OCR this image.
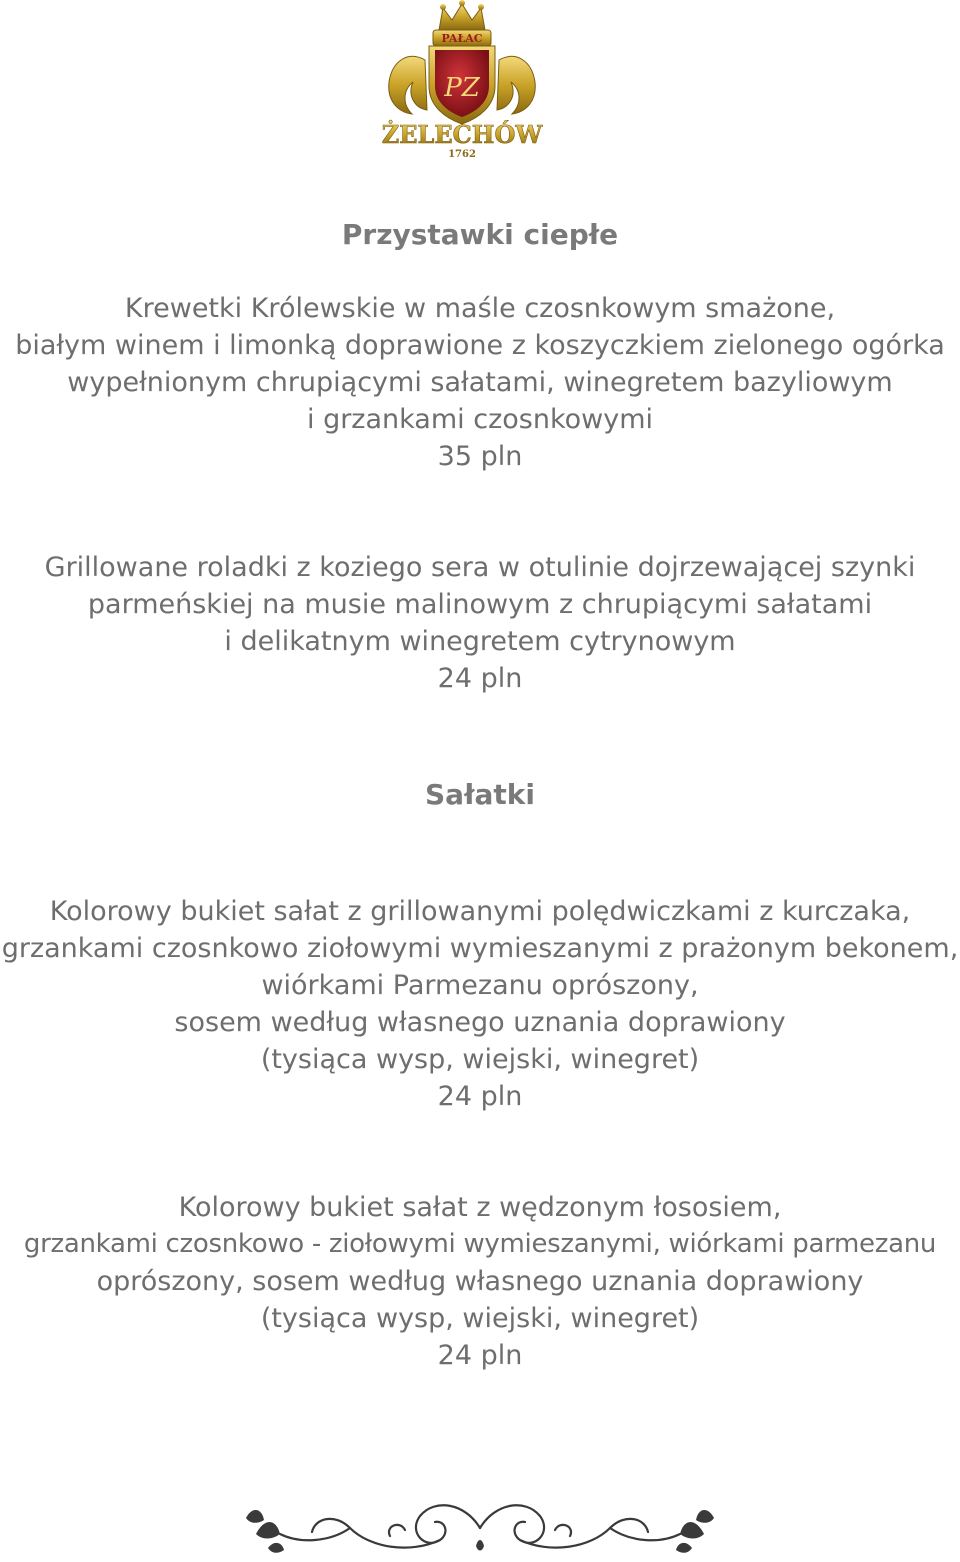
PAŁAC
PZ
ŻELECHÓW
1762
Przystawki ciepłe
Krewetki Królewskie w maśle czosnkowym smażone,
białym winem i limonką doprawione z koszyczkiem zielonego ogórka
wypełnionym chrupiącymi sałatami, winegretem bazyliowym
i grzankami czosnkowymi
35 pln
Grillowane roladki z koziego sera w otulinie dojrzewającej szynki
parmeńskiej na musie malinowym z chrupiącymi sałatami
i delikatnym winegretem cytrynowym
24 pln
Sałatki
Kolorowy bukiet sałat z grillowanymi polędwiczkami z kurczaka,
grzankami czosnkowo ziołowymi wymieszanymi z prażonym bekonem,
wiórkami Parmezanu oprószony,
sosem według własnego uznania doprawiony
(tysiąca wysp, wiejski, winegret)
24 pln
Kolorowy bukiet sałat z wędzonym łososiem,
grzankami czosnkowo - ziołowymi wymieszanymi, wiórkami parmezanu
oprószony, sosem według własnego uznania doprawiony
(tysiąca wysp, wiejski, winegret)
24 pln
